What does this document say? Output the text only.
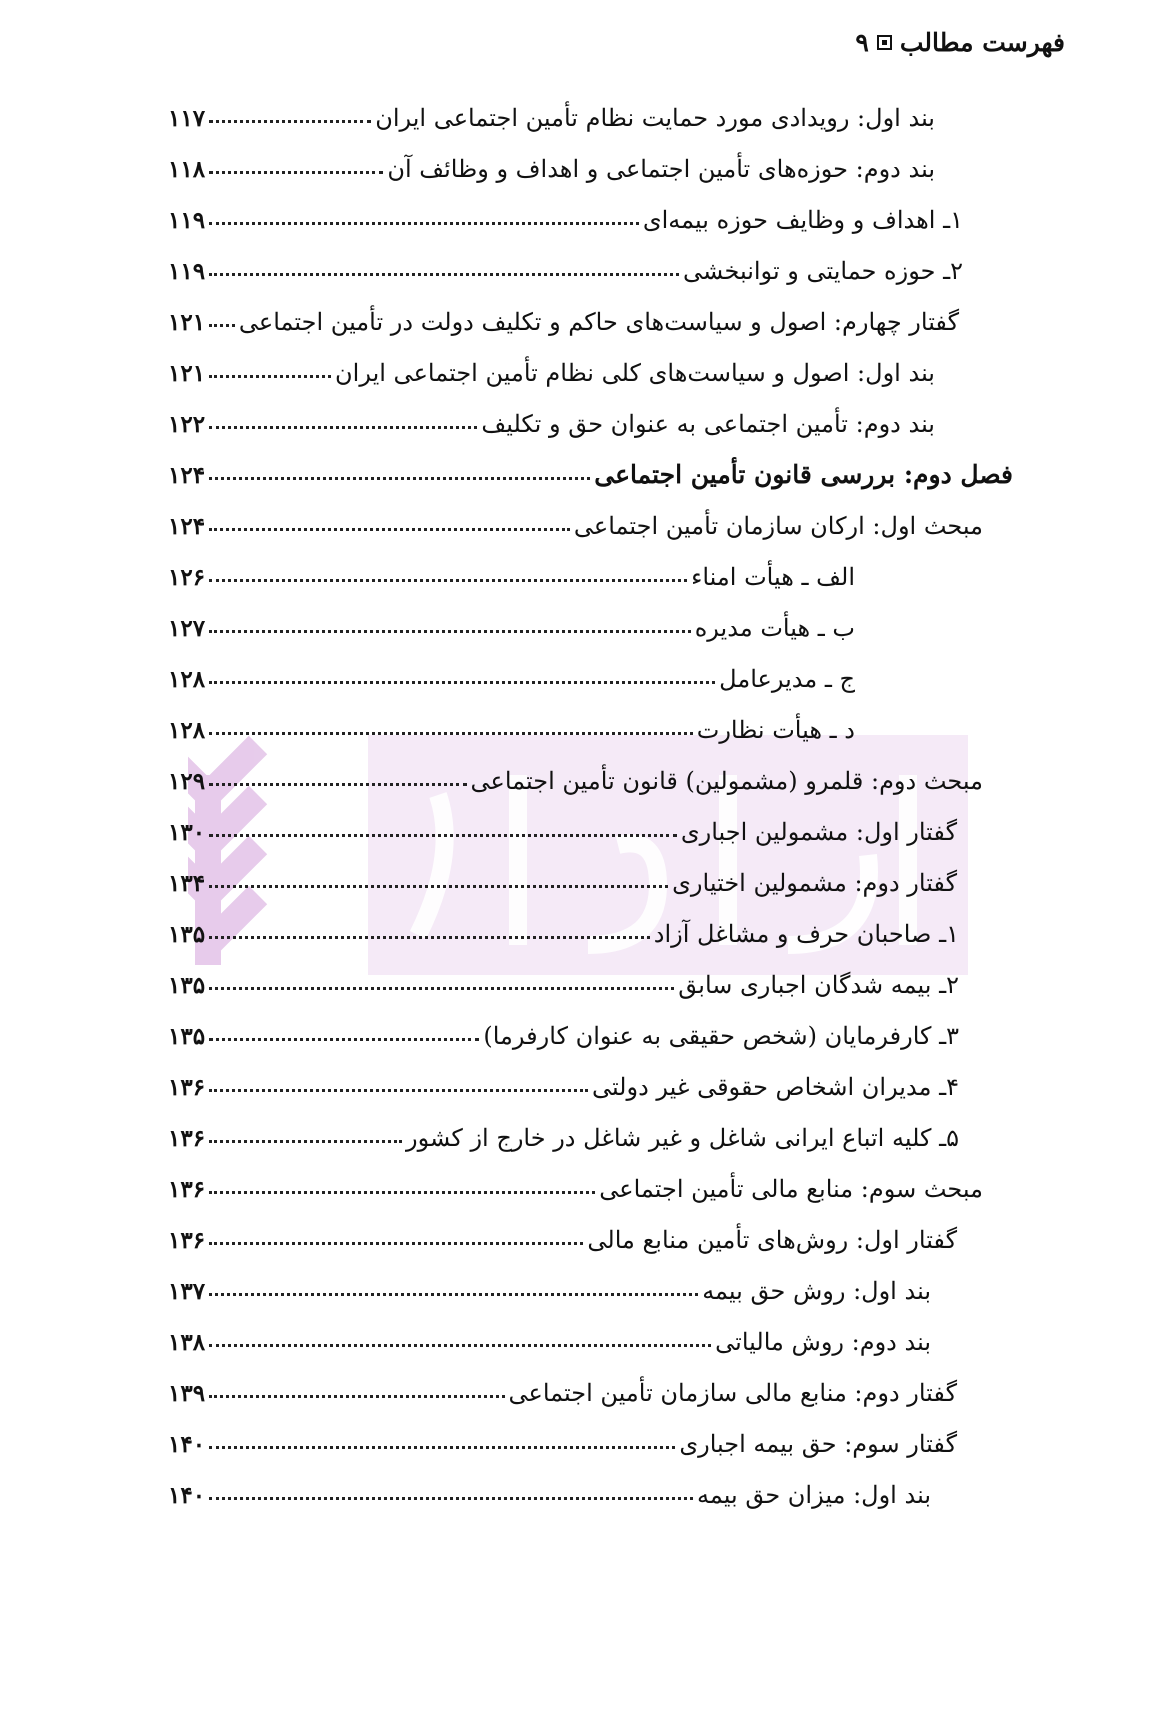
فهرست مطالب
۹
بند اول: رویدادی مورد حمایت نظام تأمین اجتماعی ایران
۱۱۷
بند دوم: حوزه‌های تأمین اجتماعی و اهداف و وظائف آن
۱۱۸
۱ـ اهداف و وظایف حوزه بیمه‌ای
۱۱۹
۲ـ حوزه حمایتی و توانبخشی
۱۱۹
گفتار چهارم: اصول و سیاست‌های حاکم و تکلیف دولت در تأمین اجتماعی
۱۲۱
بند اول: اصول و سیاست‌های کلی نظام تأمین اجتماعی ایران
۱۲۱
بند دوم: تأمین اجتماعی به عنوان حق و تکلیف
۱۲۲
فصل دوم: بررسی قانون تأمین اجتماعی
۱۲۴
مبحث اول: ارکان سازمان تأمین اجتماعی
۱۲۴
الف ـ هیأت امناء
۱۲۶
ب ـ هیأت مدیره
۱۲۷
ج ـ مدیرعامل
۱۲۸
د ـ هیأت نظارت
۱۲۸
مبحث دوم: قلمرو (مشمولین) قانون تأمین اجتماعی
۱۲۹
گفتار اول: مشمولین اجباری
۱۳۰
گفتار دوم: مشمولین اختیاری
۱۳۴
۱ـ صاحبان حرف و مشاغل آزاد
۱۳۵
۲ـ بیمه شدگان اجباری سابق
۱۳۵
۳ـ کارفرمایان (شخص حقیقی به عنوان کارفرما)
۱۳۵
۴ـ مدیران اشخاص حقوقی غیر دولتی
۱۳۶
۵ـ کلیه اتباع ایرانی شاغل و غیر شاغل در خارج از کشور
۱۳۶
مبحث سوم: منابع مالی تأمین اجتماعی
۱۳۶
گفتار اول: روش‌های تأمین منابع مالی
۱۳۶
بند اول: روش حق بیمه
۱۳۷
بند دوم: روش مالیاتی
۱۳۸
گفتار دوم: منابع مالی سازمان تأمین اجتماعی
۱۳۹
گفتار سوم: حق بیمه اجباری
۱۴۰
بند اول: میزان حق بیمه
۱۴۰
